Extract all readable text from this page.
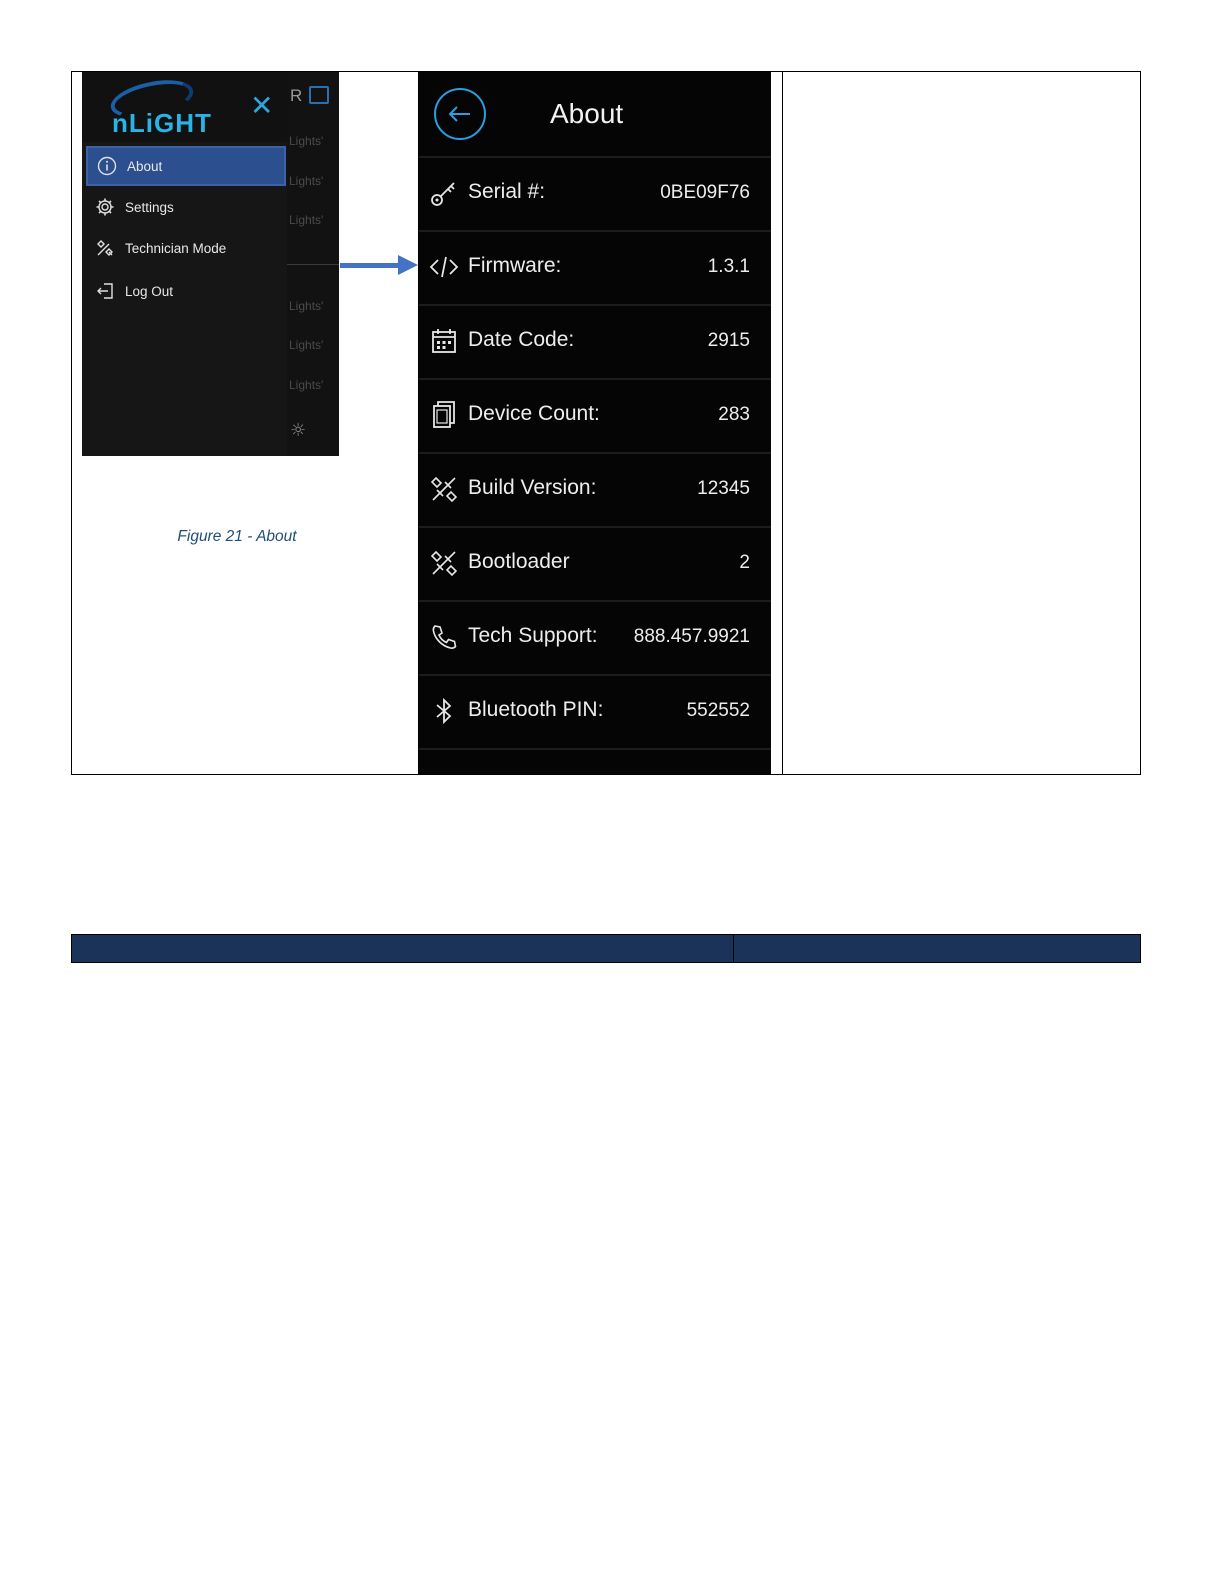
R
Lights'
Lights'
Lights'
Lights'
Lights'
Lights'
☼
nLiGHT
✕
About
Settings
Technician Mode
Log Out
Figure 21 - About
About
Serial #:	0BE09F76
Firmware:	1.3.1
Date Code:	2915
Device Count:	283
Build Version:	12345
Bootloader	2
Tech Support: 888.457.9921
Bluetooth PIN:	552552
